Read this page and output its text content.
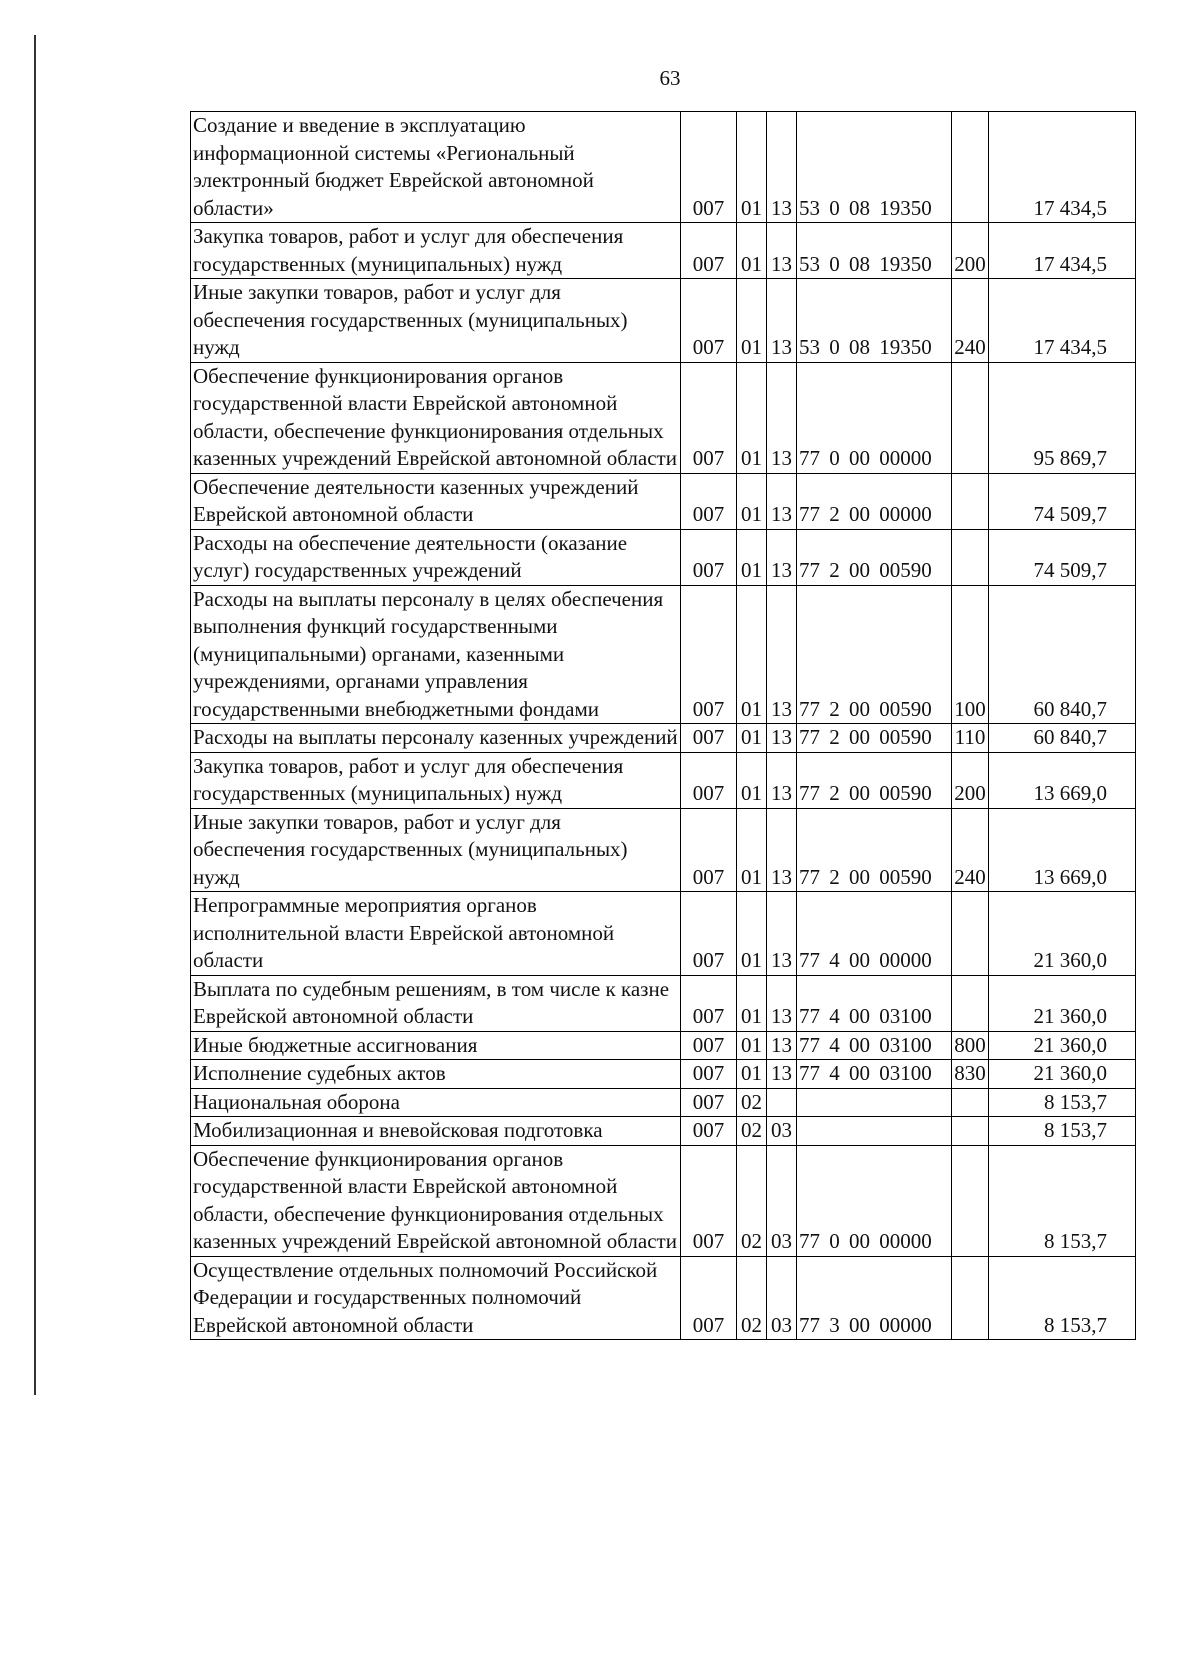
63
Создание и введение в эксплуатацию информационной системы «Региональный электронный бюджет Еврейской автономной области»	007	01	13	53 0 08 19350		17 434,5
Закупка товаров, работ и услуг для обеспечения государственных (муниципальных) нужд	007	01	13	53 0 08 19350	200	17 434,5
Иные закупки товаров, работ и услуг для обеспечения государственных (муниципальных) нужд	007	01	13	53 0 08 19350	240	17 434,5
Обеспечение функционирования органов государственной власти Еврейской автономной области, обеспечение функционирования отдельных казенных учреждений Еврейской автономной области	007	01	13	77 0 00 00000		95 869,7
Обеспечение деятельности казенных учреждений Еврейской автономной области	007	01	13	77 2 00 00000		74 509,7
Расходы на обеспечение деятельности (оказание услуг) государственных учреждений	007	01	13	77 2 00 00590		74 509,7
Расходы на выплаты персоналу в целях обеспечения выполнения функций государственными (муниципальными) органами, казенными учреждениями, органами управления государственными внебюджетными фондами	007	01	13	77 2 00 00590	100	60 840,7
Расходы на выплаты персоналу казенных учреждений	007	01	13	77 2 00 00590	110	60 840,7
Закупка товаров, работ и услуг для обеспечения государственных (муниципальных) нужд	007	01	13	77 2 00 00590	200	13 669,0
Иные закупки товаров, работ и услуг для обеспечения государственных (муниципальных) нужд	007	01	13	77 2 00 00590	240	13 669,0
Непрограммные мероприятия органов исполнительной власти Еврейской автономной области	007	01	13	77 4 00 00000		21 360,0
Выплата по судебным решениям, в том числе к казне Еврейской автономной области	007	01	13	77 4 00 03100		21 360,0
Иные бюджетные ассигнования	007	01	13	77 4 00 03100	800	21 360,0
Исполнение судебных актов	007	01	13	77 4 00 03100	830	21 360,0
Национальная оборона	007	02				8 153,7
Мобилизационная и вневойсковая подготовка	007	02	03			8 153,7
Обеспечение функционирования органов государственной власти Еврейской автономной области, обеспечение функционирования отдельных казенных учреждений Еврейской автономной области	007	02	03	77 0 00 00000		8 153,7
Осуществление отдельных полномочий Российской Федерации и государственных полномочий Еврейской автономной области	007	02	03	77 3 00 00000		8 153,7
